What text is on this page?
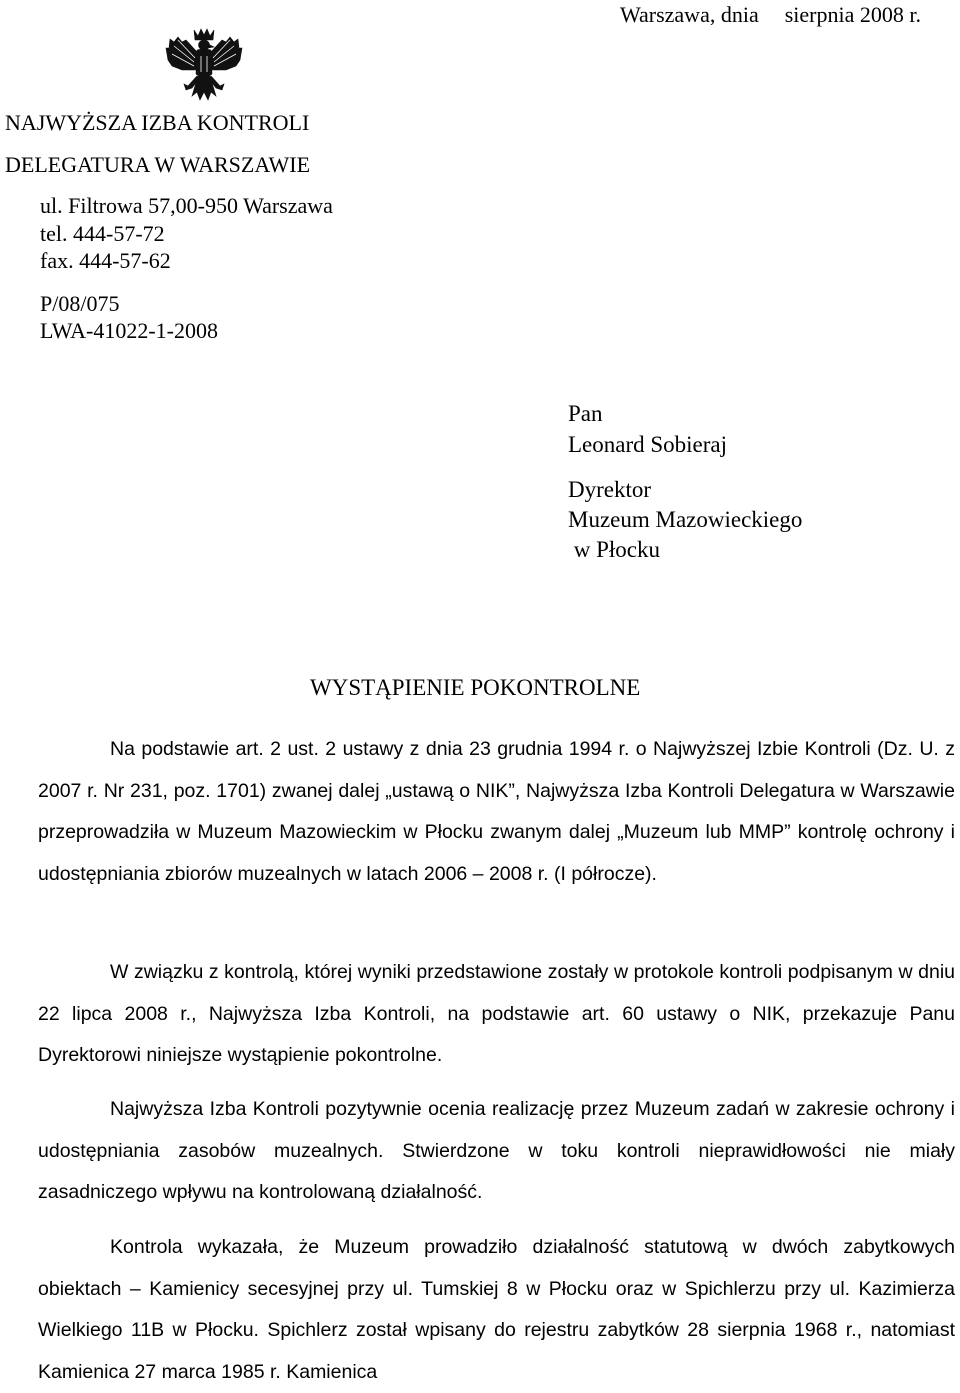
Warszawa, dnia sierpnia 2008 r.
NAJWYŻSZA IZBA KONTROLI
DELEGATURA W WARSZAWIE
ul. Filtrowa 57,00-950 Warszawa
tel. 444-57-72
fax. 444-57-62
P/08/075
LWA-41022-1-2008
Pan
Leonard Sobieraj
Dyrektor
Muzeum Mazowieckiego
w Płocku
WYSTĄPIENIE POKONTROLNE

Na podstawie art. 2 ust. 2 ustawy z dnia 23 grudnia 1994 r. o Najwyższej Izbie Kontroli (Dz. U. z 2007 r. Nr 231, poz. 1701) zwanej dalej „ustawą o NIK”, Najwyższa Izba Kontroli Delegatura w Warszawie przeprowadziła w Muzeum Mazowieckim w Płocku zwanym dalej „Muzeum lub MMP” kontrolę ochrony i udostępniania zbiorów muzealnych w latach 2006 – 2008 r. (I półrocze).

W związku z kontrolą, której wyniki przedstawione zostały w protokole kontroli podpisanym w dniu 22 lipca 2008 r., Najwyższa Izba Kontroli, na podstawie art. 60 ustawy o NIK, przekazuje Panu Dyrektorowi niniejsze wystąpienie pokontrolne.

Najwyższa Izba Kontroli pozytywnie ocenia realizację przez Muzeum zadań w zakresie ochrony i udostępniania zasobów muzealnych. Stwierdzone w toku kontroli nieprawidłowości nie miały zasadniczego wpływu na kontrolowaną działalność.

Kontrola wykazała, że Muzeum prowadziło działalność statutową w dwóch zabytkowych obiektach – Kamienicy secesyjnej przy ul. Tumskiej 8 w Płocku oraz w Spichlerzu przy ul. Kazimierza Wielkiego 11B w Płocku. Spichlerz został wpisany do rejestru zabytków 28 sierpnia 1968 r., natomiast Kamienica 27 marca 1985 r. Kamienica
